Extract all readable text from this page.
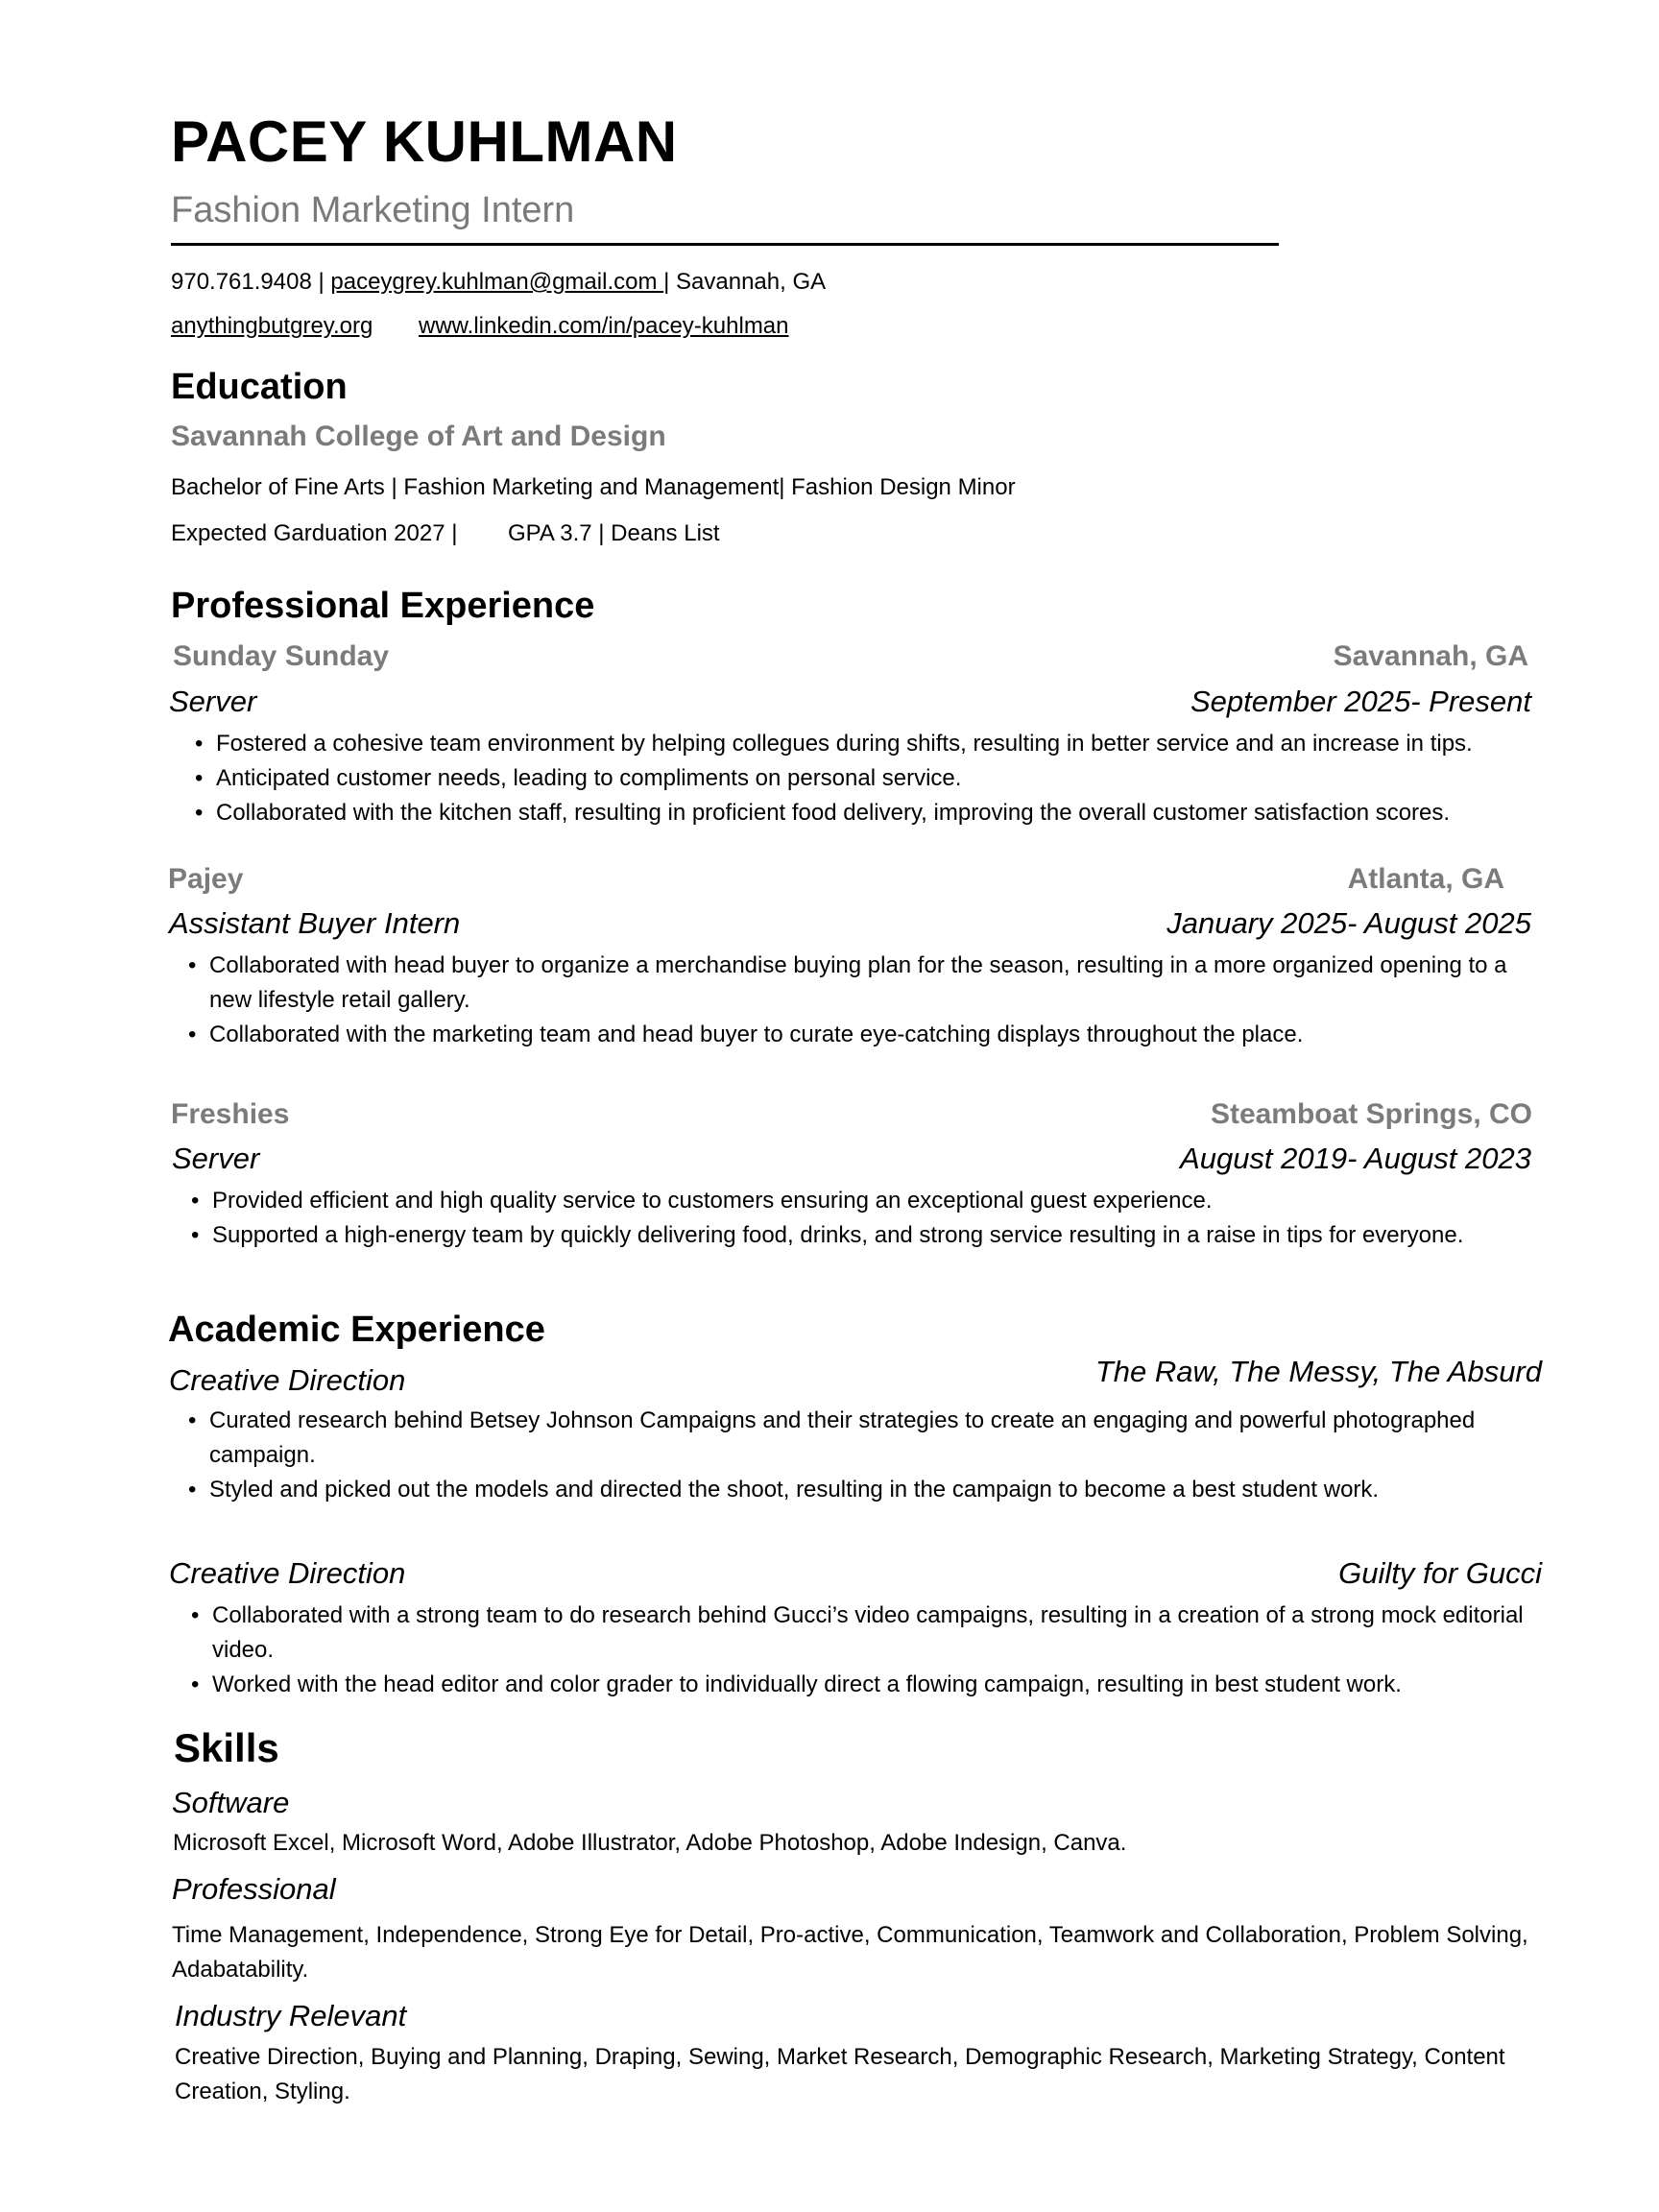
PACEY KUHLMAN
Fashion Marketing Intern
970.761.9408 | paceygrey.kuhlman@gmail.com | Savannah, GA
anythingbutgrey.org www.linkedin.com/in/pacey-kuhlman
Education
Savannah College of Art and Design
Bachelor of Fine Arts | Fashion Marketing and Management| Fashion Design Minor
Expected Garduation 2027 | GPA 3.7 | Deans List
Professional Experience
Sunday Sunday	Savannah, GA
Server	September 2025- Present
• Fostered a cohesive team environment by helping collegues during shifts, resulting in better service and an increase in tips.
• Anticipated customer needs, leading to compliments on personal service.
• Collaborated with the kitchen staff, resulting in proficient food delivery, improving the overall customer satisfaction scores.
Pajey	Atlanta, GA
Assistant Buyer Intern	January 2025- August 2025
• Collaborated with head buyer to organize a merchandise buying plan for the season, resulting in a more organized opening to a new lifestyle retail gallery.
• Collaborated with the marketing team and head buyer to curate eye-catching displays throughout the place.
Freshies	Steamboat Springs, CO
Server	August 2019- August 2023
• Provided efficient and high quality service to customers ensuring an exceptional guest experience.
• Supported a high-energy team by quickly delivering food, drinks, and strong service resulting in a raise in tips for everyone.
Academic Experience
Creative Direction	The Raw, The Messy, The Absurd
• Curated research behind Betsey Johnson Campaigns and their strategies to create an engaging and powerful photographed campaign.
• Styled and picked out the models and directed the shoot, resulting in the campaign to become a best student work.
Creative Direction	Guilty for Gucci
• Collaborated with a strong team to do research behind Gucci’s video campaigns, resulting in a creation of a strong mock editorial video.
• Worked with the head editor and color grader to individually direct a flowing campaign, resulting in best student work.
Skills
Software
Microsoft Excel, Microsoft Word, Adobe Illustrator, Adobe Photoshop, Adobe Indesign, Canva.
Professional
Time Management, Independence, Strong Eye for Detail, Pro-active, Communication, Teamwork and Collaboration, Problem Solving, Adabatability.
Industry Relevant
Creative Direction, Buying and Planning, Draping, Sewing, Market Research, Demographic Research, Marketing Strategy, Content Creation, Styling.
